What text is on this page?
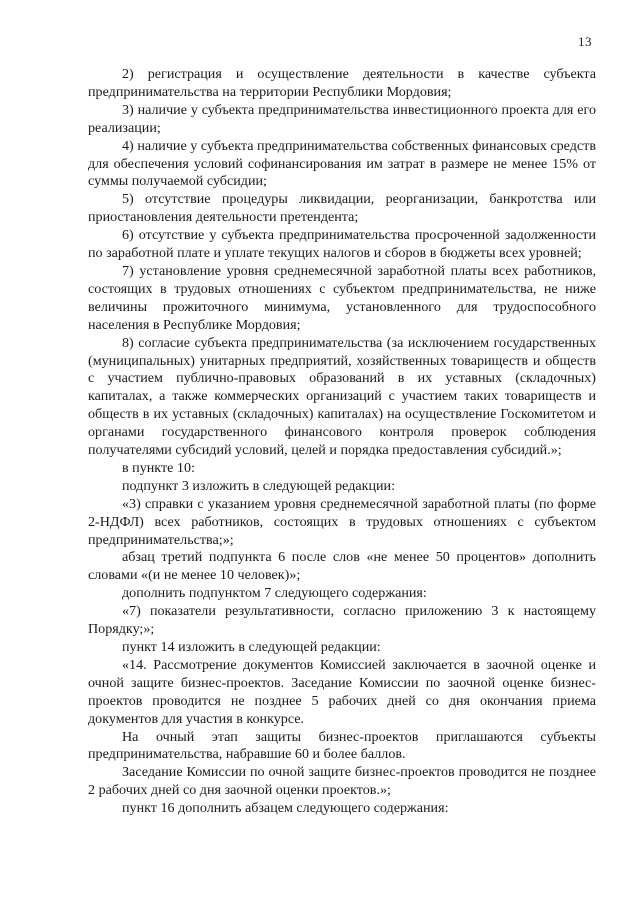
13

2) регистрация и осуществление деятельности в качестве субъекта предпринимательства на территории Республики Мордовия;

3) наличие у субъекта предпринимательства инвестиционного проекта для его реализации;

4) наличие у субъекта предпринимательства собственных финансовых средств для обеспечения условий софинансирования им затрат в размере не менее 15% от суммы получаемой субсидии;

5) отсутствие процедуры ликвидации, реорганизации, банкротства или приостановления деятельности претендента;

6) отсутствие у субъекта предпринимательства просроченной задолженности по заработной плате и уплате текущих налогов и сборов в бюджеты всех уровней;

7) установление уровня среднемесячной заработной платы всех работников, состоящих в трудовых отношениях с субъектом предпринимательства, не ниже величины прожиточного минимума, установленного для трудоспособного населения в Республике Мордовия;

8) согласие субъекта предпринимательства (за исключением государственных (муниципальных) унитарных предприятий, хозяйственных товариществ и обществ с участием публично-правовых образований в их уставных (складочных) капиталах, а также коммерческих организаций с участием таких товариществ и обществ в их уставных (складочных) капиталах) на осуществление Госкомитетом и органами государственного финансового контроля проверок соблюдения получателями субсидий условий, целей и порядка предоставления субсидий.»;

в пункте 10:

подпункт 3 изложить в следующей редакции:

«3) справки с указанием уровня среднемесячной заработной платы (по форме 2-НДФЛ) всех работников, состоящих в трудовых отношениях с субъектом предпринимательства;»;

абзац третий подпункта 6 после слов «не менее 50 процентов» дополнить словами «(и не менее 10 человек)»;

дополнить подпунктом 7 следующего содержания:

«7) показатели результативности, согласно приложению 3 к настоящему Порядку;»;

пункт 14 изложить в следующей редакции:

«14. Рассмотрение документов Комиссией заключается в заочной оценке и очной защите бизнес-проектов. Заседание Комиссии по заочной оценке бизнес-проектов проводится не позднее 5 рабочих дней со дня окончания приема документов для участия в конкурсе.

На очный этап защиты бизнес-проектов приглашаются субъекты предпринимательства, набравшие 60 и более баллов.

Заседание Комиссии по очной защите бизнес-проектов проводится не позднее 2 рабочих дней со дня заочной оценки проектов.»;

пункт 16 дополнить абзацем следующего содержания:
